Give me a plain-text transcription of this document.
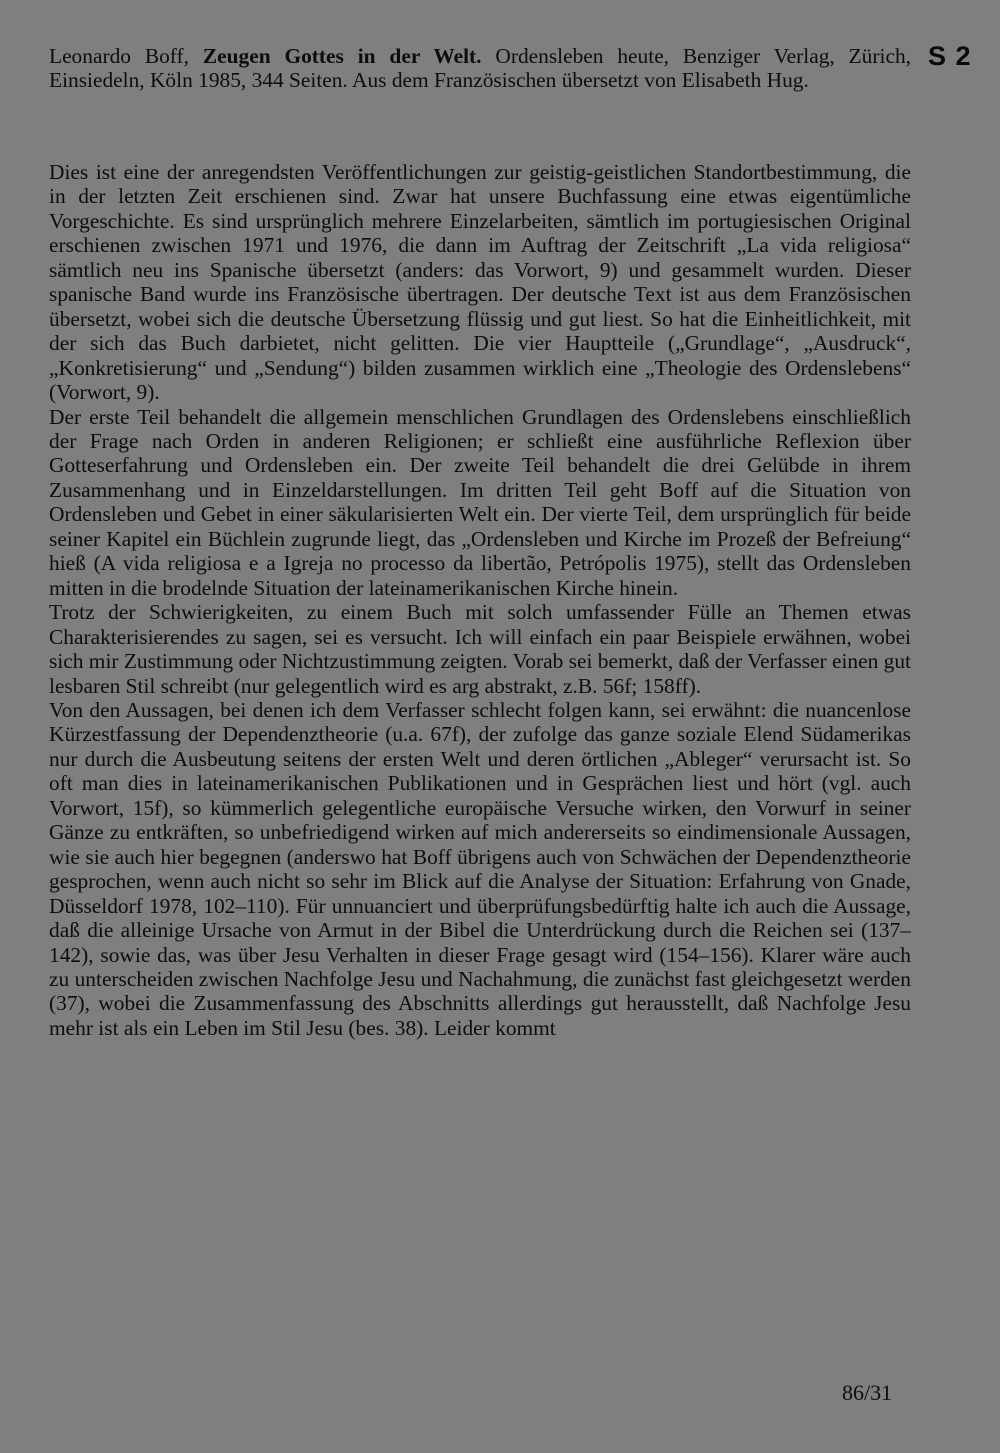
S 2

Leonardo Boff, Zeugen Gottes in der Welt. Ordensleben heute, Benziger Verlag, Zürich, Einsiedeln, Köln 1985, 344 Seiten. Aus dem Französischen übersetzt von Elisabeth Hug.

Dies ist eine der anregendsten Veröffentlichungen zur geistig-geistlichen Standortbestimmung, die in der letzten Zeit erschienen sind. Zwar hat unsere Buchfassung eine etwas eigentümliche Vorgeschichte. Es sind ursprünglich mehrere Einzelarbeiten, sämtlich im portugiesischen Original erschienen zwischen 1971 und 1976, die dann im Auftrag der Zeitschrift „La vida religiosa“ sämtlich neu ins Spanische übersetzt (anders: das Vorwort, 9) und gesammelt wurden. Dieser spanische Band wurde ins Französische übertragen. Der deutsche Text ist aus dem Französischen übersetzt, wobei sich die deutsche Übersetzung flüssig und gut liest. So hat die Einheitlichkeit, mit der sich das Buch darbietet, nicht gelitten. Die vier Hauptteile („Grundlage“, „Ausdruck“, „Konkretisierung“ und „Sendung“) bilden zusammen wirklich eine „Theologie des Ordenslebens“ (Vorwort, 9).

Der erste Teil behandelt die allgemein menschlichen Grundlagen des Ordenslebens einschließlich der Frage nach Orden in anderen Religionen; er schließt eine ausführliche Reflexion über Gotteserfahrung und Ordensleben ein. Der zweite Teil behandelt die drei Gelübde in ihrem Zusammenhang und in Einzeldarstellungen. Im dritten Teil geht Boff auf die Situation von Ordensleben und Gebet in einer säkularisierten Welt ein. Der vierte Teil, dem ursprünglich für beide seiner Kapitel ein Büchlein zugrunde liegt, das „Ordensleben und Kirche im Prozeß der Befreiung“ hieß (A vida religiosa e a Igreja no processo da libertão, Petrópolis 1975), stellt das Ordensleben mitten in die brodelnde Situation der lateinamerikanischen Kirche hinein.

Trotz der Schwierigkeiten, zu einem Buch mit solch umfassender Fülle an Themen etwas Charakterisierendes zu sagen, sei es versucht. Ich will einfach ein paar Beispiele erwähnen, wobei sich mir Zustimmung oder Nichtzustimmung zeigten. Vorab sei bemerkt, daß der Verfasser einen gut lesbaren Stil schreibt (nur gelegentlich wird es arg abstrakt, z.B. 56f; 158ff).

Von den Aussagen, bei denen ich dem Verfasser schlecht folgen kann, sei erwähnt: die nuancenlose Kürzestfassung der Dependenztheorie (u.a. 67f), der zufolge das ganze soziale Elend Südamerikas nur durch die Ausbeutung seitens der ersten Welt und deren örtlichen „Ableger“ verursacht ist. So oft man dies in lateinamerikanischen Publikationen und in Gesprächen liest und hört (vgl. auch Vorwort, 15f), so kümmerlich gelegentliche europäische Versuche wirken, den Vorwurf in seiner Gänze zu entkräften, so unbefriedigend wirken auf mich andererseits so eindimensionale Aussagen, wie sie auch hier begegnen (anderswo hat Boff übrigens auch von Schwächen der Dependenztheorie gesprochen, wenn auch nicht so sehr im Blick auf die Analyse der Situation: Erfahrung von Gnade, Düsseldorf 1978, 102–110). Für unnuanciert und überprüfungsbedürftig halte ich auch die Aussage, daß die alleinige Ursache von Armut in der Bibel die Unterdrückung durch die Reichen sei (137–142), sowie das, was über Jesu Verhalten in dieser Frage gesagt wird (154–156). Klarer wäre auch zu unterscheiden zwischen Nachfolge Jesu und Nachahmung, die zunächst fast gleichgesetzt werden (37), wobei die Zusammenfassung des Abschnitts allerdings gut herausstellt, daß Nachfolge Jesu mehr ist als ein Leben im Stil Jesu (bes. 38). Leider kommt

86/31
